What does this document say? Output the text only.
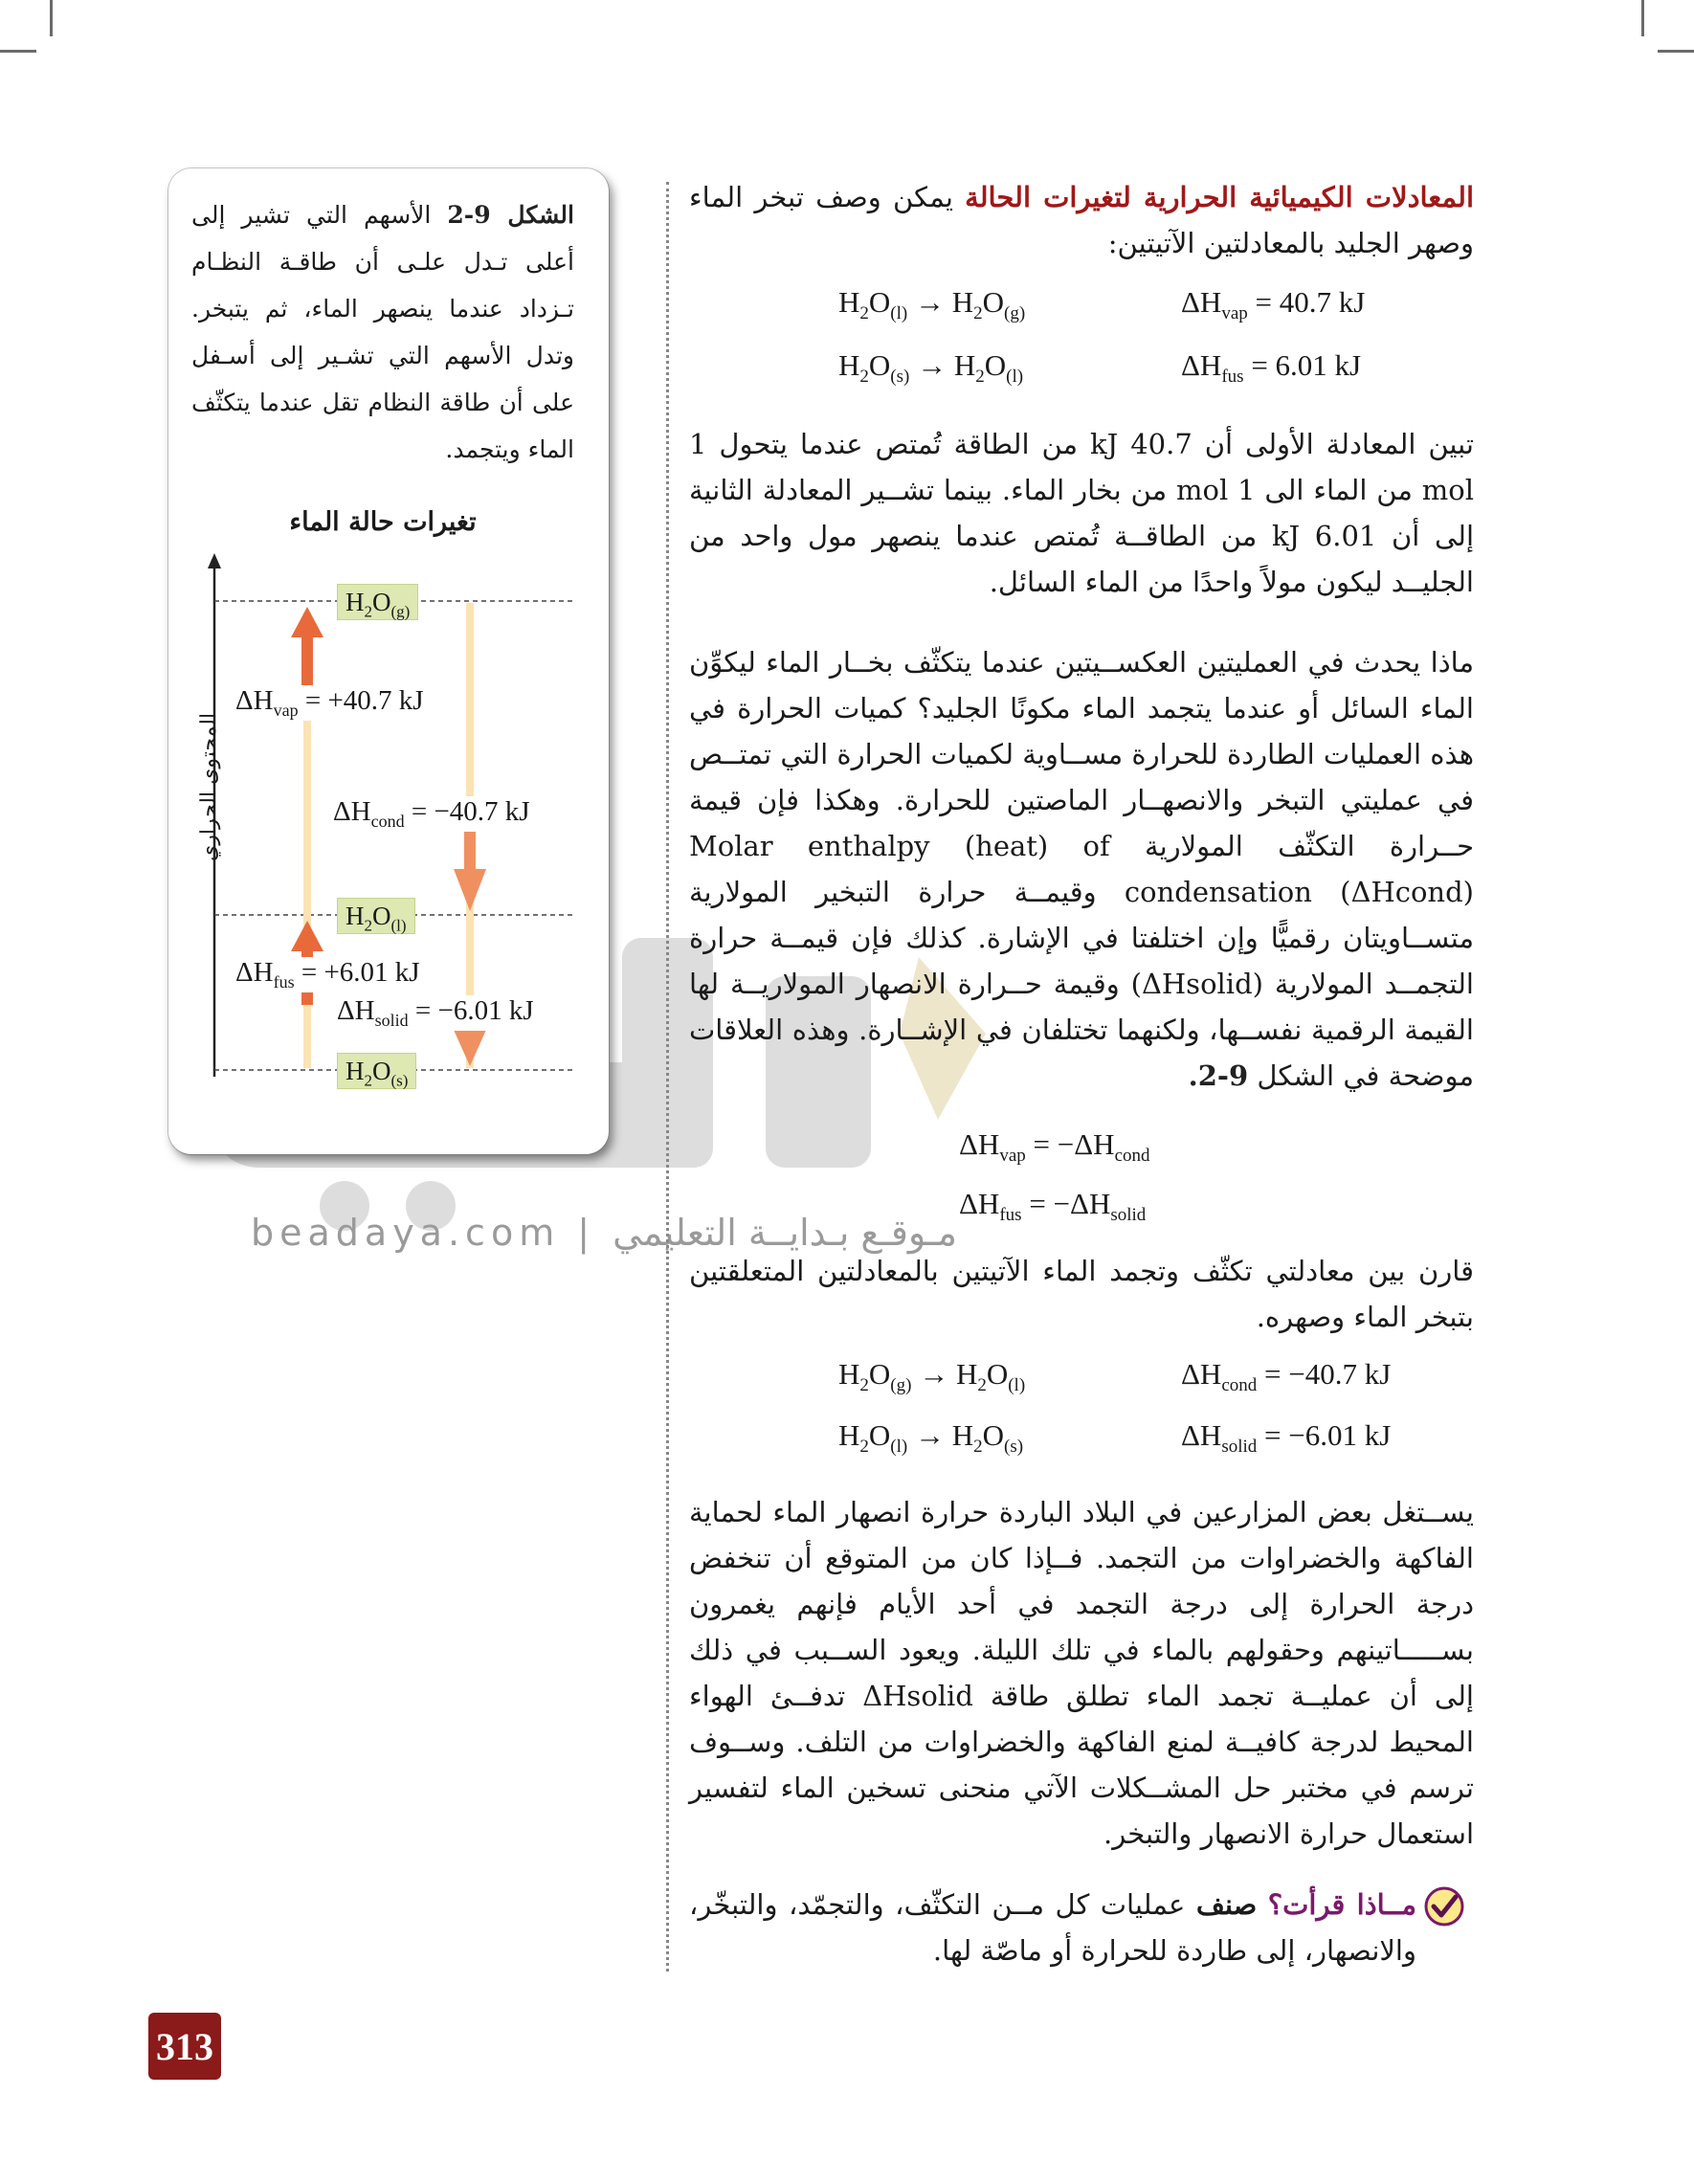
beadaya.com | مـوقـع بـدايــة التعليمي

المعادلات الكيميائية الحرارية لتغيرات الحالة يمكن وصف تبخر الماء وصهر الجليد بالمعادلتين الآتيتين:

$H_2O_{(l)} \to H_2O_{(g)}$	$\Delta H_{vap} = 40.7$ kJ
$H_2O_{(s)} \to H_2O_{(l)}$	$\Delta H_{fus} = 6.01$ kJ

تبين المعادلة الأولى أن 40.7 kJ من الطاقة تُمتص عندما يتحول 1 mol من الماء الى 1 mol من بخار الماء. بينما تشــير المعادلة الثانية إلى أن 6.01 kJ من الطاقــة تُمتص عندما ينصهر مول واحد من الجليــد ليكون مولاً واحدًا من الماء السائل.

ماذا يحدث في العمليتين العكســيتين عندما يتكثّف بخــار الماء ليكوِّن الماء السائل أو عندما يتجمد الماء مكونًا الجليد؟ كميات الحرارة في هذه العمليات الطاردة للحرارة مســاوية لكميات الحرارة التي تمتــص في عمليتي التبخر والانصهــار الماصتين للحرارة. وهكذا فإن قيمة حــرارة التكثّف المولارية Molar enthalpy (heat) of condensation (ΔHcond) وقيمــة حرارة التبخير المولارية متســاويتان رقميًّا وإن اختلفتا في الإشارة. كذلك فإن قيمــة حرارة التجمــد المولارية (ΔHsolid) وقيمة حــرارة الانصهار المولاريــة لها القيمة الرقمية نفســها، ولكنهما تختلفان في الإشــارة. وهذه العلاقات موضحة في الشكل 9-2.

$\Delta H_{vap} = -\Delta H_{cond}$
$\Delta H_{fus} = -\Delta H_{solid}$

قارن بين معادلتي تكثّف وتجمد الماء الآتيتين بالمعادلتين المتعلقتين بتبخر الماء وصهره.

$H_2O_{(g)} \to H_2O_{(l)}$	$\Delta H_{cond} = -40.7$ kJ
$H_2O_{(l)} \to H_2O_{(s)}$	$\Delta H_{solid} = -6.01$ kJ

يســتغل بعض المزارعين في البلاد الباردة حرارة انصهار الماء لحماية الفاكهة والخضراوات من التجمد. فــإذا كان من المتوقع أن تنخفض درجة الحرارة إلى درجة التجمد في أحد الأيام فإنهم يغمرون بســـــاتينهم وحقولهم بالماء في تلك الليلة. ويعود الســبب في ذلك إلى أن عمليــة تجمد الماء تطلق طاقة ΔHsolid تدفــئ الهواء المحيط لدرجة كافيــة لمنع الفاكهة والخضراوات من التلف. وســوف ترسم في مختبر حل المشــكلات الآتي منحنى تسخين الماء لتفسير استعمال حرارة الانصهار والتبخر.

مــاذا قرأت؟ صنف عمليات كل مــن التكثّف، والتجمّد، والتبخّر، والانصهار، إلى طاردة للحرارة أو ماصّة لها.

الشكل 9-2 الأسهم التي تشير إلى أعلى تـدل علـى أن طاقـة النظـام تـزداد عندما ينصهر الماء، ثم يتبخر. وتدل الأسهم التي تشـير إلى أسـفل على أن طاقة النظام تقل عندما يتكثّف الماء ويتجمد.
تغيرات حالة الماء
المحتوى الحراري
$H_2O_{(g)}$
$H_2O_{(l)}$
$H_2O_{(s)}$
$\Delta H_{vap} = +40.7$ kJ
$\Delta H_{cond} = -40.7$ kJ
$\Delta H_{fus} = +6.01$ kJ
$\Delta H_{solid} = -6.01$ kJ
313
